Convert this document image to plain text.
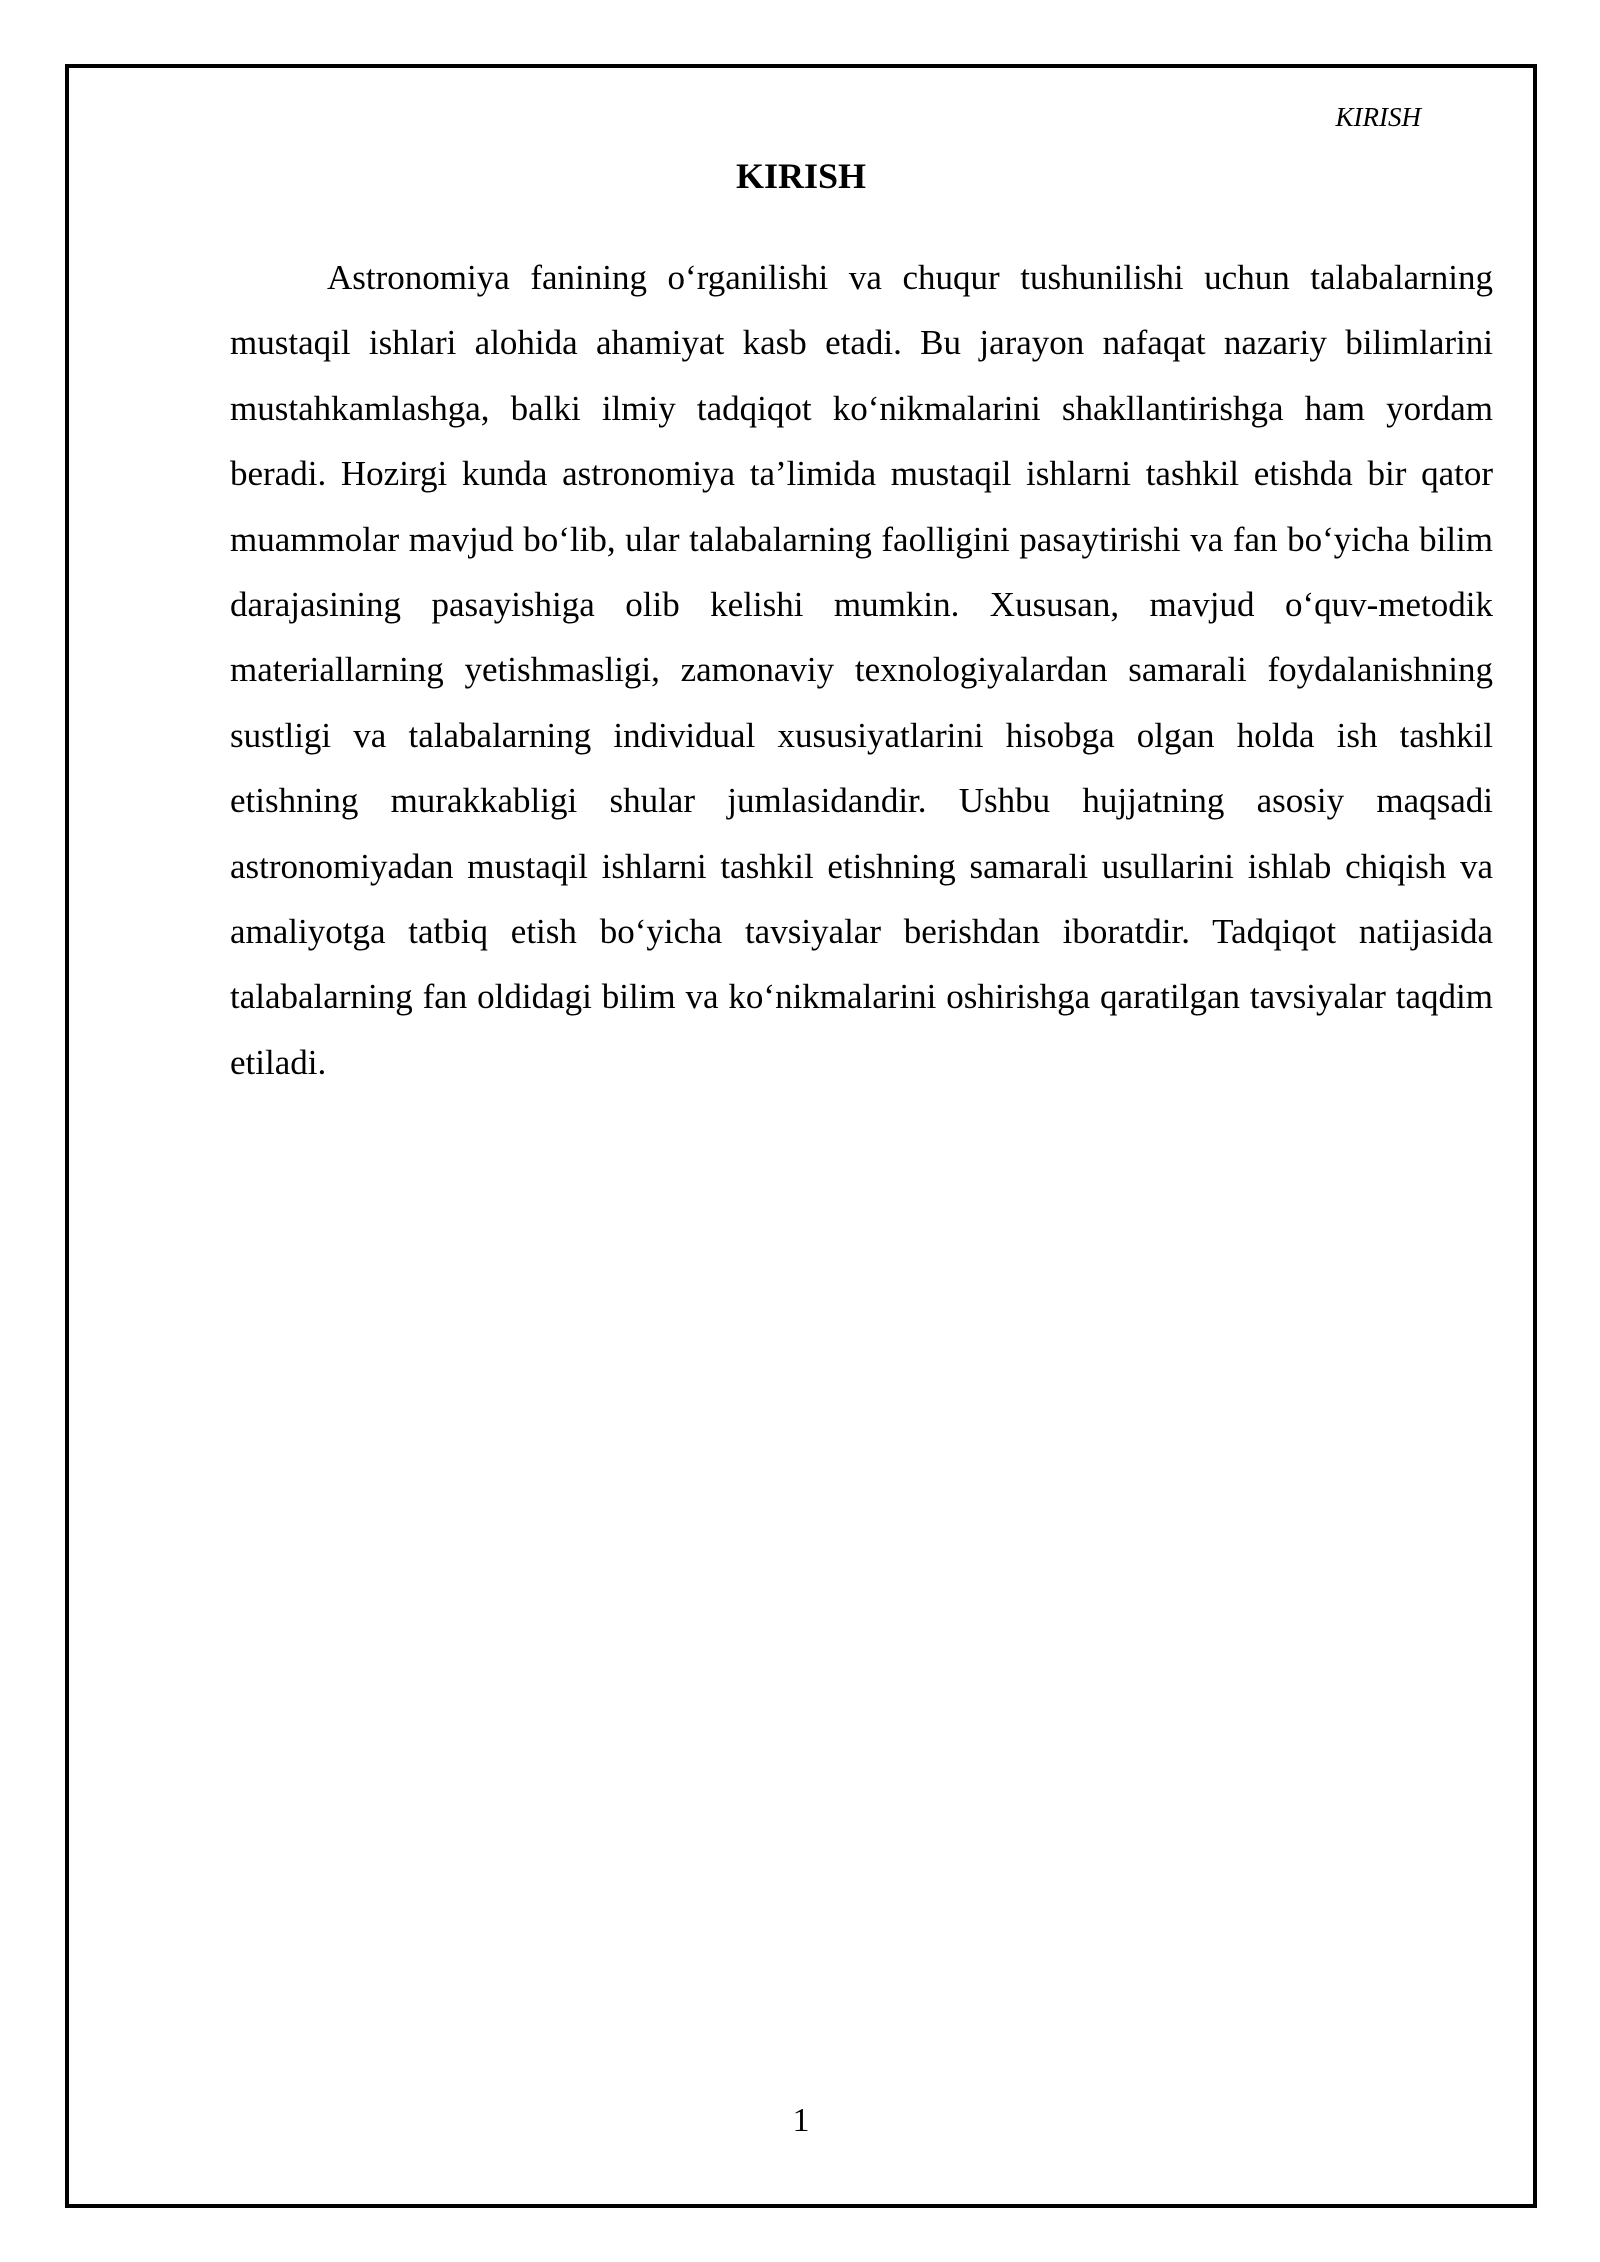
KIRISH
KIRISH

Astronomiya fanining o‘rganilishi va chuqur tushunilishi uchun talabalarning mustaqil ishlari alohida ahamiyat kasb etadi. Bu jarayon nafaqat nazariy bilimlarini mustahkamlashga, balki ilmiy tadqiqot ko‘nikmalarini shakllantirishga ham yordam beradi. Hozirgi kunda astronomiya ta’limida mustaqil ishlarni tashkil etishda bir qator muammolar mavjud bo‘lib, ular talabalarning faolligini pasaytirishi va fan bo‘yicha bilim darajasining pasayishiga olib kelishi mumkin. Xususan, mavjud o‘quv-metodik materiallarning yetishmasligi, zamonaviy texnologiyalardan samarali foydalanishning sustligi va talabalarning individual xususiyatlarini hisobga olgan holda ish tashkil etishning murakkabligi shular jumlasidandir. Ushbu hujjatning asosiy maqsadi astronomiyadan mustaqil ishlarni tashkil etishning samarali usullarini ishlab chiqish va amaliyotga tatbiq etish bo‘yicha tavsiyalar berishdan iboratdir. Tadqiqot natijasida talabalarning fan oldidagi bilim va ko‘nikmalarini oshirishga qaratilgan tavsiyalar taqdim etiladi.

1
